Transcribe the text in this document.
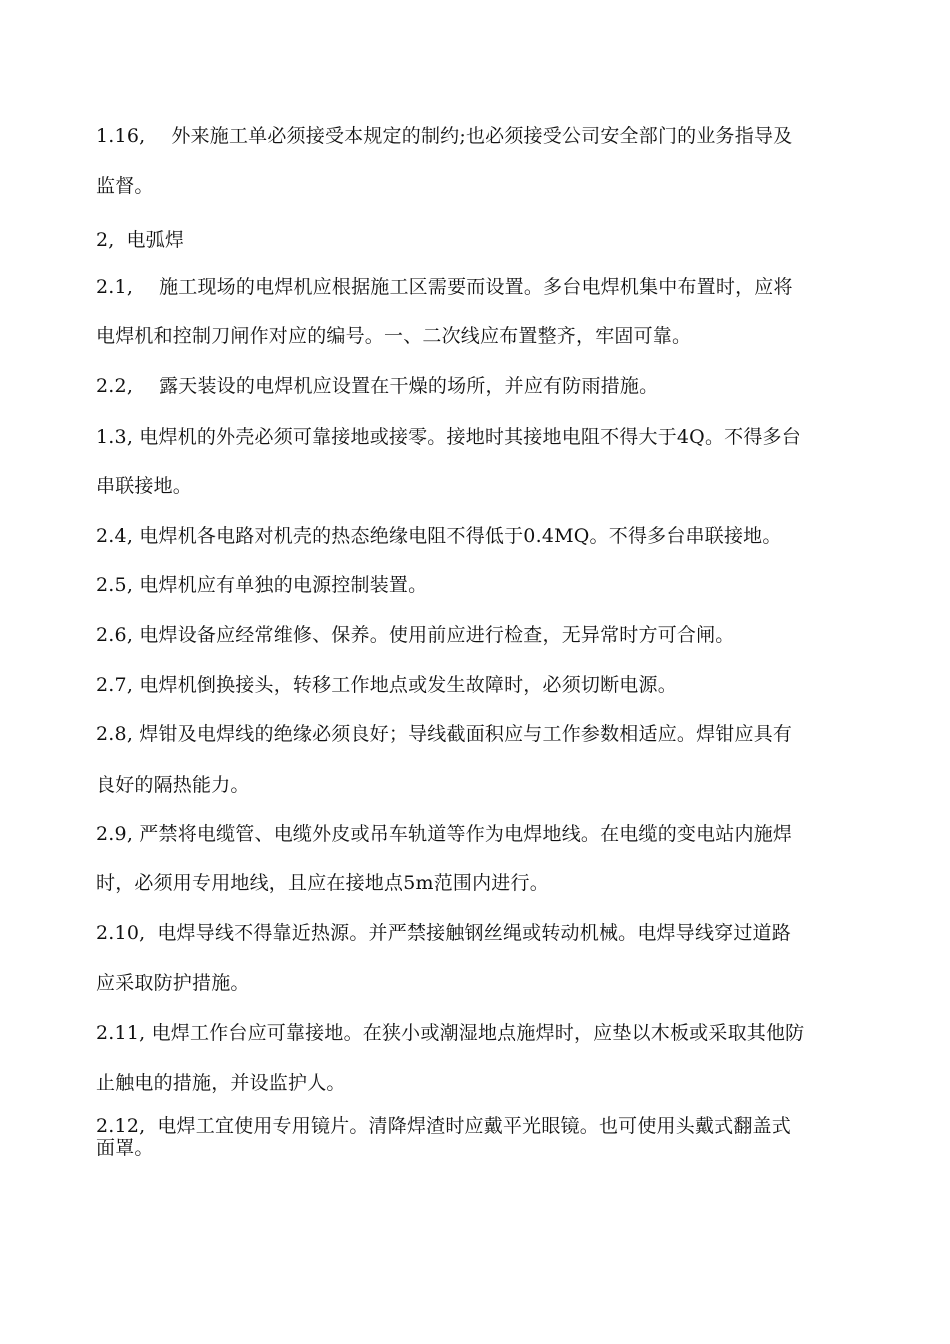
1.16, 外来施工单必须接受本规定的制约;也必须接受公司安全部门的业务指导及
监督。
2, 电弧焊
2.1, 施工现场的电焊机应根据施工区需要而设置。多台电焊机集中布置时，应将
电焊机和控制刀闸作对应的编号。一、二次线应布置整齐，牢固可靠。
2.2, 露天装设的电焊机应设置在干燥的场所，并应有防雨措施。
1.3, 电焊机的外壳必须可靠接地或接零。接地时其接地电阻不得大于4Q。不得多台
串联接地。
2.4, 电焊机各电路对机壳的热态绝缘电阻不得低于0.4MQ。不得多台串联接地。
2.5, 电焊机应有单独的电源控制装置。
2.6, 电焊设备应经常维修、保养。使用前应进行检查，无异常时方可合闸。
2.7, 电焊机倒换接头，转移工作地点或发生故障时，必须切断电源。
2.8, 焊钳及电焊线的绝缘必须良好；导线截面积应与工作参数相适应。焊钳应具有
良好的隔热能力。
2.9, 严禁将电缆管、电缆外皮或吊车轨道等作为电焊地线。在电缆的变电站内施焊
时，必须用专用地线，且应在接地点5m范围内进行。
2.10, 电焊导线不得靠近热源。并严禁接触钢丝绳或转动机械。电焊导线穿过道路
应采取防护措施。
2.11, 电焊工作台应可靠接地。在狭小或潮湿地点施焊时，应垫以木板或采取其他防
止触电的措施，并设监护人。
2.12, 电焊工宜使用专用镜片。清降焊渣时应戴平光眼镜。也可使用头戴式翻盖式
面罩。
